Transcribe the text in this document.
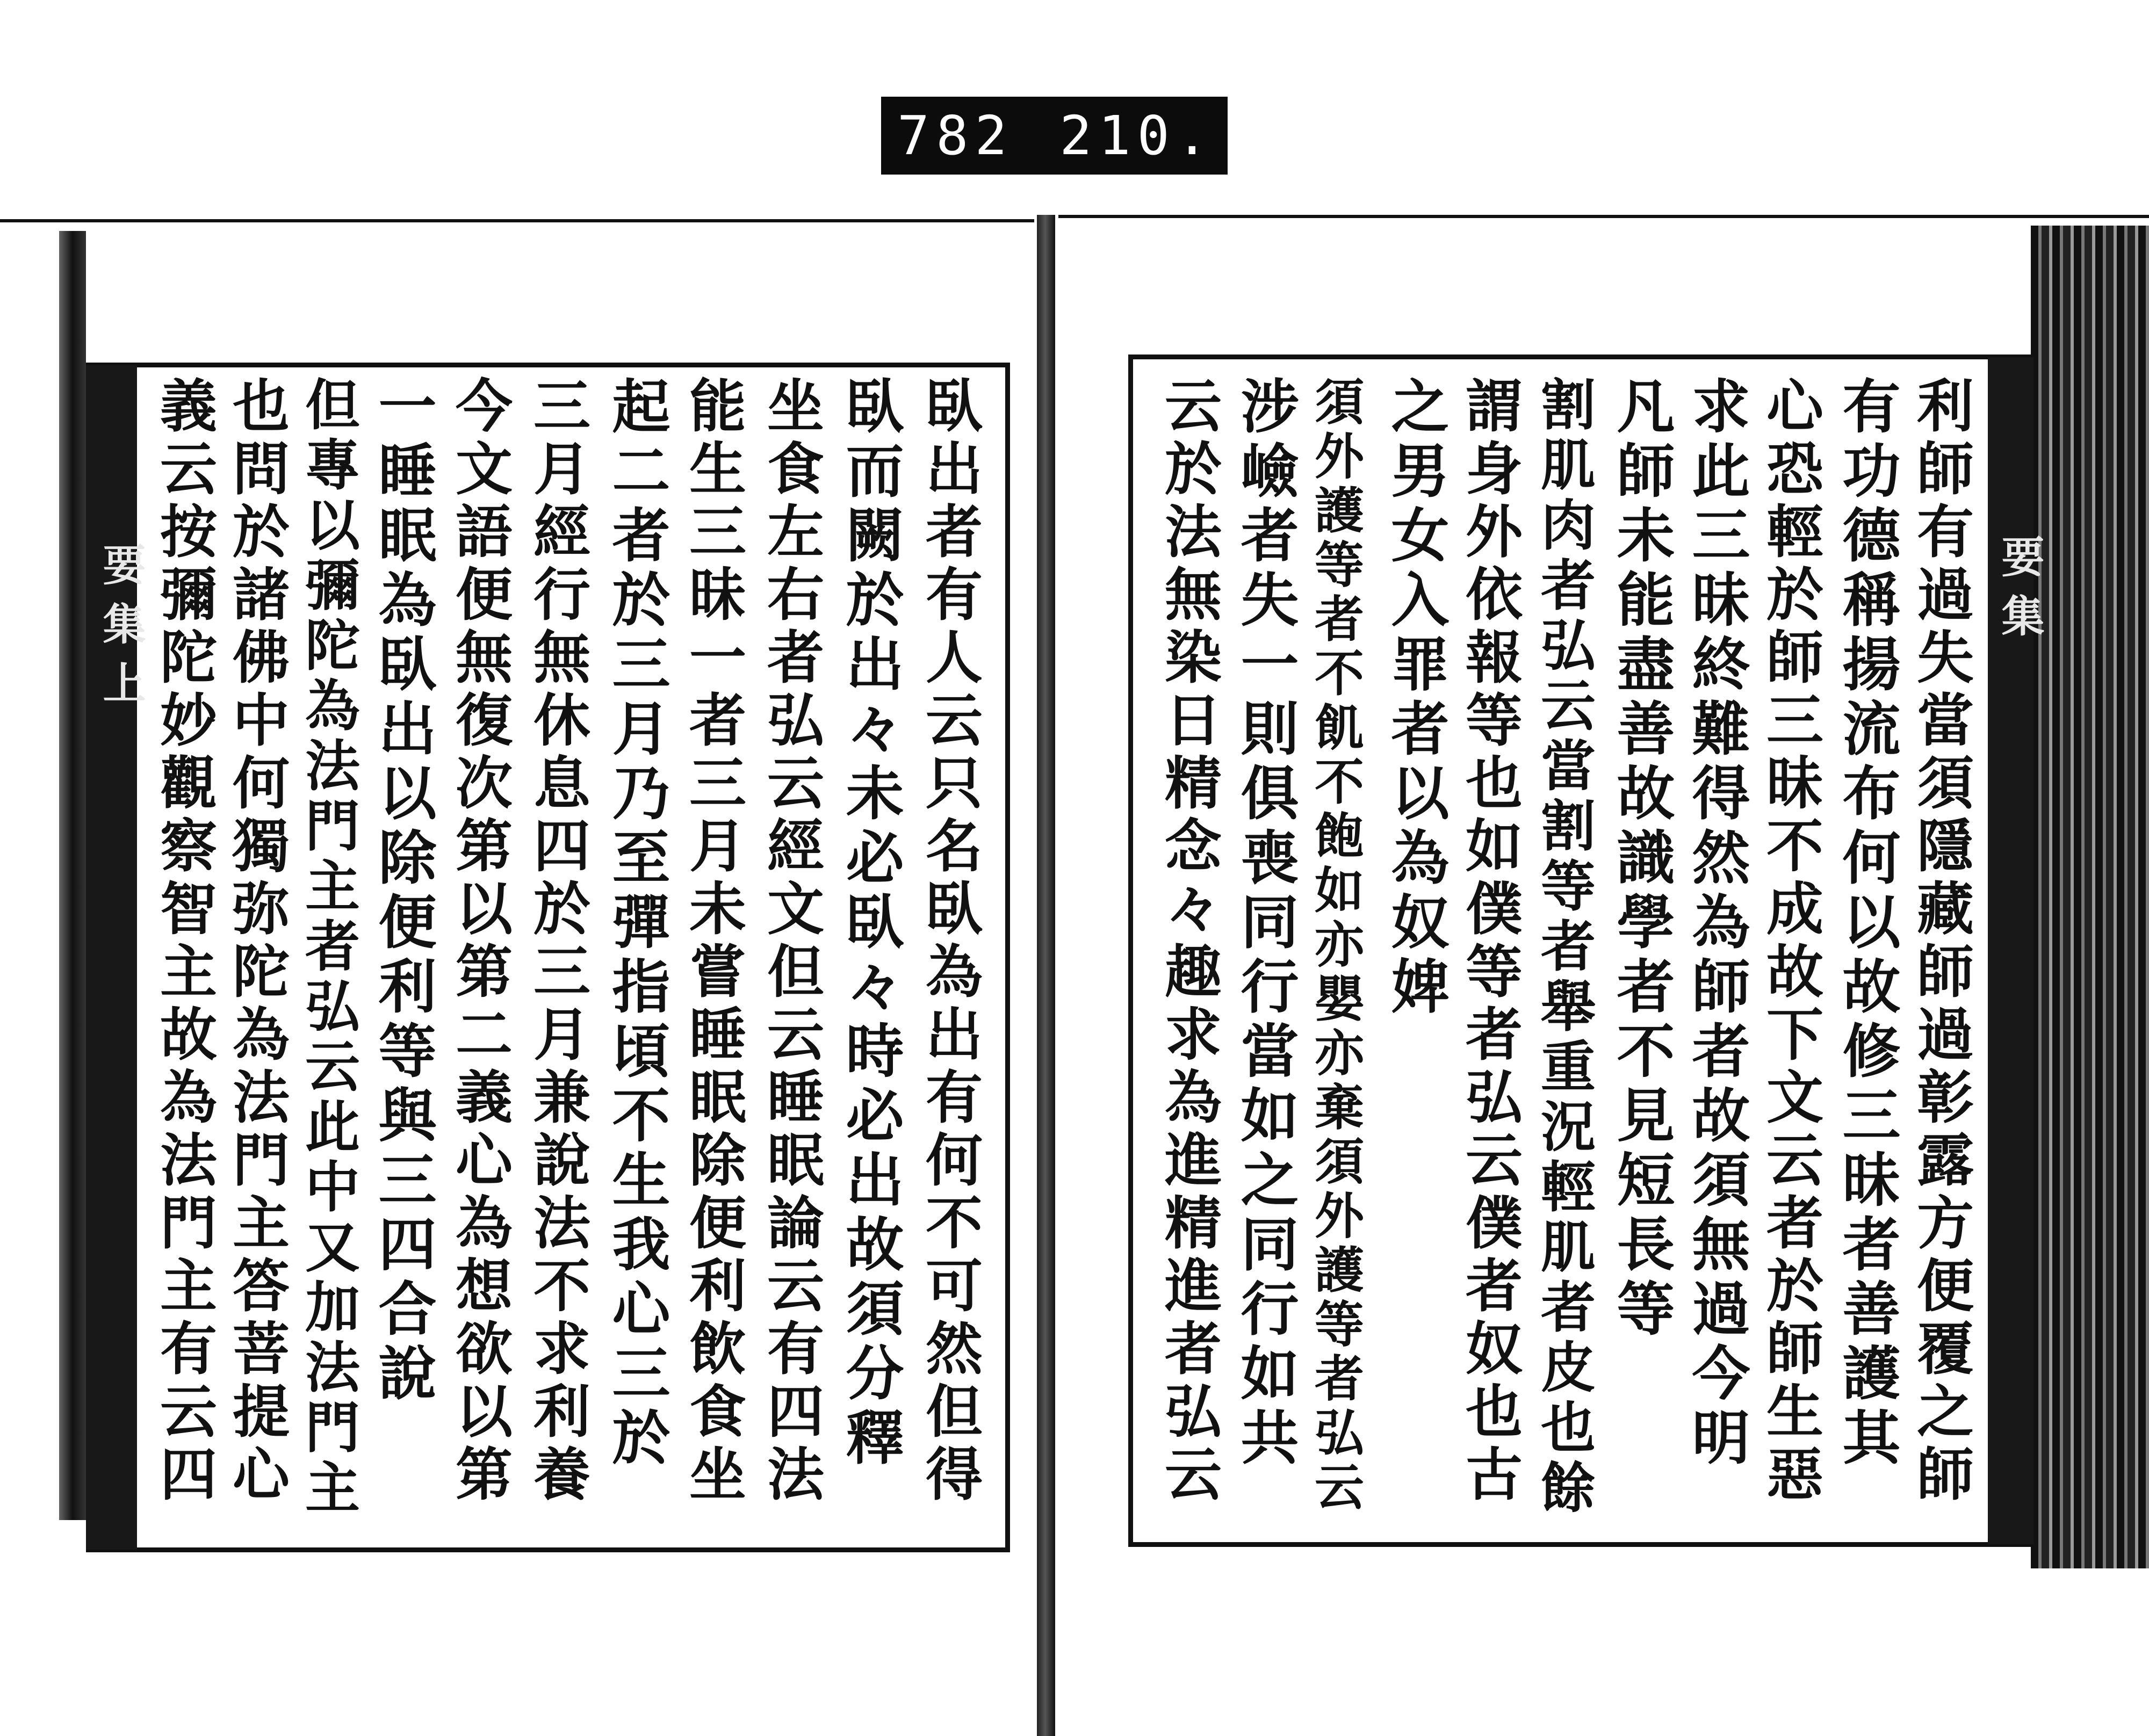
782 210.
要集上	要集
臥出者有人云只名臥為出有何不可然但得
臥而闕於出々未必臥々時必出故須分釋
坐食左右者弘云經文但云睡眠論云有四法
能生三昧一者三月未嘗睡眠除便利飲食坐
起二者於三月乃至彈指頃不生我心三於
三月經行無休息四於三月兼說法不求利養
今文語便無復次第以第二義心為想欲以第
一睡眠為臥出以除便利等與三四合說
但專以彌陀為法門主者弘云此中又加法門主
也問於諸佛中何獨弥陀為法門主答菩提心
義云按彌陀妙觀察智主故為法門主有云四	利師有過失當須隱藏師過彰露方便覆之師
有功德稱揚流布何以故修三昧者善護其
心恐輕於師三昧不成故下文云者於師生惡
求此三昧終難得然為師者故須無過今明
凡師未能盡善故識學者不見短長等
割肌肉者弘云當割等者舉重況輕肌者皮也餘
謂身外依報等也如僕等者弘云僕者奴也古
之男女入罪者以為奴婢
須外護等者不飢不飽如亦嬰亦棄須外護等者弘云
涉嶮者失一則俱喪同行當如之同行如共
云於法無染日精念々趣求為進精進者弘云
